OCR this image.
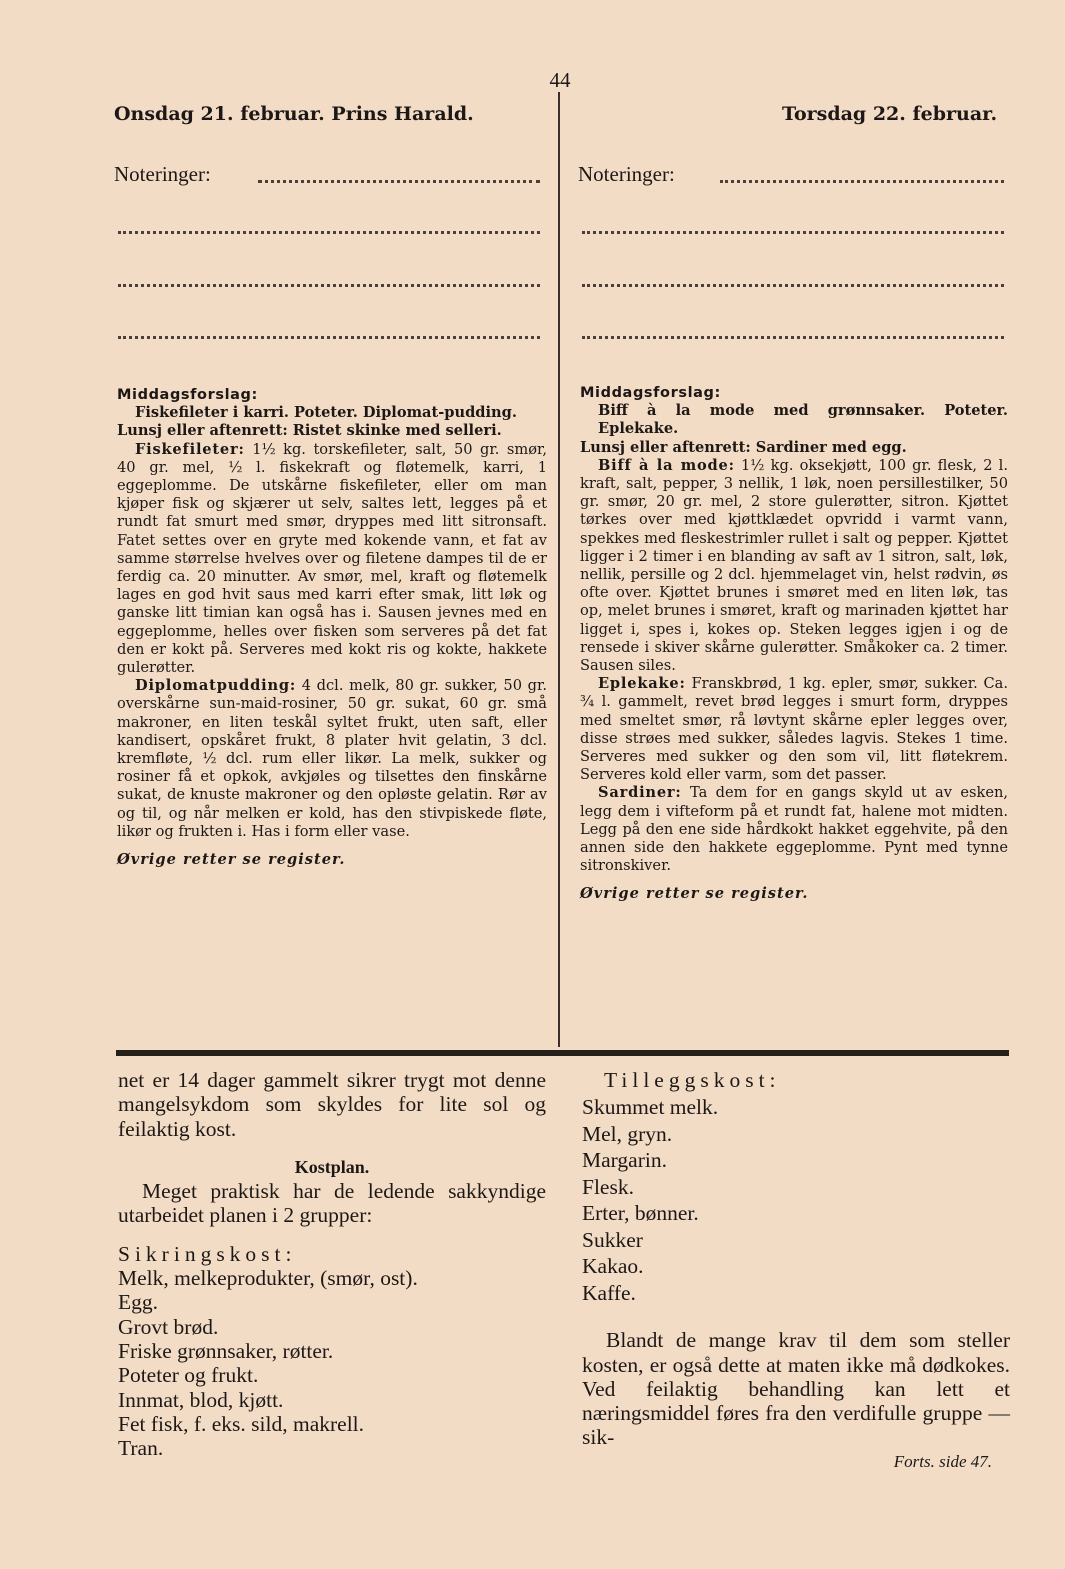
44
Onsdag 21. februar. Prins Harald.	Torsdag 22. februar.
Noteringer:	Noteringer:
Middagsforslag:
Fiskefileter i karri. Poteter. Diplomat-pudding.
Lunsj eller aftenrett: Ristet skinke med selleri.
Fiskefileter: 1½ kg. torskefileter, salt, 50 gr. smør, 40 gr. mel, ½ l. fiskekraft og fløtemelk, karri, 1 eggeplomme. De utskårne fiskefileter, eller om man kjøper fisk og skjærer ut selv, saltes lett, legges på et rundt fat smurt med smør, dryppes med litt sitronsaft. Fatet settes over en gryte med kokende vann, et fat av samme størrelse hvelves over og filetene dampes til de er ferdig ca. 20 minutter. Av smør, mel, kraft og fløtemelk lages en god hvit saus med karri efter smak, litt løk og ganske litt timian kan også has i. Sausen jevnes med en eggeplomme, helles over fisken som serveres på det fat den er kokt på. Serveres med kokt ris og kokte, hakkete gulerøtter.
Diplomatpudding: 4 dcl. melk, 80 gr. sukker, 50 gr. overskårne sun-maid-rosiner, 50 gr. sukat, 60 gr. små makroner, en liten teskål syltet frukt, uten saft, eller kandisert, opskåret frukt, 8 plater hvit gelatin, 3 dcl. kremfløte, ½ dcl. rum eller likør. La melk, sukker og rosiner få et opkok, avkjøles og tilsettes den finskårne sukat, de knuste makroner og den opløste gelatin. Rør av og til, og når melken er kold, has den stivpiskede fløte, likør og frukten i. Has i form eller vase.
Øvrige retter se register.
Middagsforslag:
Biff à la mode med grønnsaker. Poteter. Eplekake.
Lunsj eller aftenrett: Sardiner med egg.
Biff à la mode: 1½ kg. oksekjøtt, 100 gr. flesk, 2 l. kraft, salt, pepper, 3 nellik, 1 løk, noen persillestilker, 50 gr. smør, 20 gr. mel, 2 store gulerøtter, sitron. Kjøttet tørkes over med kjøttklædet opvridd i varmt vann, spekkes med fleskestrimler rullet i salt og pepper. Kjøttet ligger i 2 timer i en blanding av saft av 1 sitron, salt, løk, nellik, persille og 2 dcl. hjemmelaget vin, helst rødvin, øs ofte over. Kjøttet brunes i smøret med en liten løk, tas op, melet brunes i smøret, kraft og marinaden kjøttet har ligget i, spes i, kokes op. Steken legges igjen i og de rensede i skiver skårne gulerøtter. Småkoker ca. 2 timer. Sausen siles.
Eplekake: Franskbrød, 1 kg. epler, smør, sukker. Ca. ¾ l. gammelt, revet brød legges i smurt form, dryppes med smeltet smør, rå løvtynt skårne epler legges over, disse strøes med sukker, således lagvis. Stekes 1 time. Serveres med sukker og den som vil, litt fløtekrem. Serveres kold eller varm, som det passer.
Sardiner: Ta dem for en gangs skyld ut av esken, legg dem i vifteform på et rundt fat, halene mot midten. Legg på den ene side hårdkokt hakket eggehvite, på den annen side den hakkete eggeplomme. Pynt med tynne sitronskiver.
Øvrige retter se register.
net er 14 dager gammelt sikrer trygt mot denne mangelsykdom som skyldes for lite sol og feilaktig kost.
Kostplan.
Meget praktisk har de ledende sakkyndige utarbeidet planen i 2 grupper:
Sikringskost:
Melk, melkeprodukter, (smør, ost).
Egg.
Grovt brød.
Friske grønnsaker, røtter.
Poteter og frukt.
Innmat, blod, kjøtt.
Fet fisk, f. eks. sild, makrell.
Tran.
Tilleggskost:
Skummet melk.
Mel, gryn.
Margarin.
Flesk.
Erter, bønner.
Sukker
Kakao.
Kaffe.
Blandt de mange krav til dem som steller kosten, er også dette at maten ikke må dødkokes. Ved feilaktig behandling kan lett et næringsmiddel føres fra den verdifulle gruppe — sik-
Forts. side 47.
